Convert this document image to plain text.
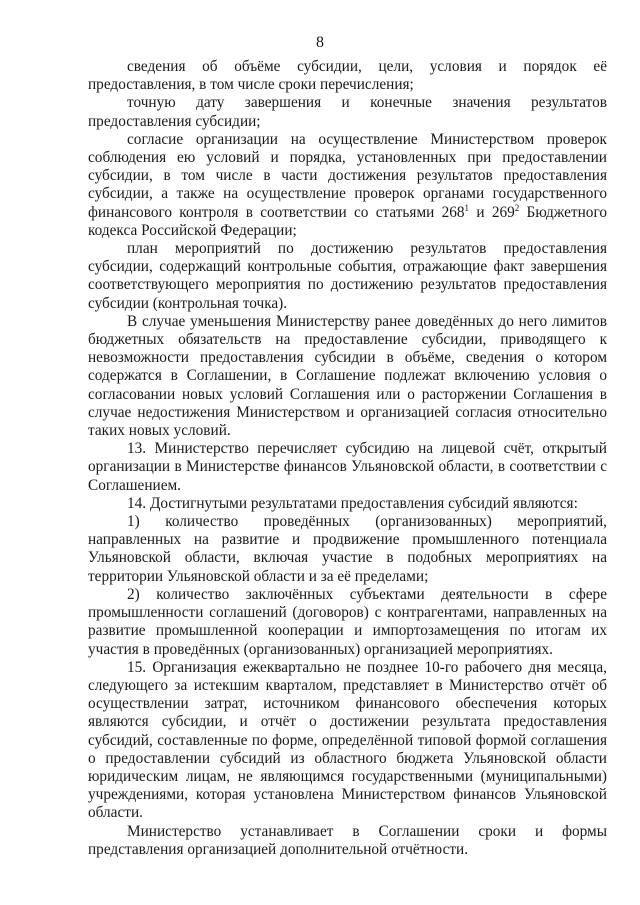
8

сведения об объёме субсидии, цели, условия и порядок её предоставления, в том числе сроки перечисления;

точную дату завершения и конечные значения результатов предоставления субсидии;

согласие организации на осуществление Министерством проверок соблюдения ею условий и порядка, установленных при предоставлении субсидии, в том числе в части достижения результатов предоставления субсидии, а также на осуществление проверок органами государственного финансового контроля в соответствии со статьями $268^1$ и $269^2$ Бюджетного кодекса Российской Федерации;

план мероприятий по достижению результатов предоставления субсидии, содержащий контрольные события, отражающие факт завершения соответствующего мероприятия по достижению результатов предоставления субсидии (контрольная точка).

В случае уменьшения Министерству ранее доведённых до него лимитов бюджетных обязательств на предоставление субсидии, приводящего к невозможности предоставления субсидии в объёме, сведения о котором содержатся в Соглашении, в Соглашение подлежат включению условия о согласовании новых условий Соглашения или о расторжении Соглашения в случае недостижения Министерством и организацией согласия относительно таких новых условий.

13. Министерство перечисляет субсидию на лицевой счёт, открытый организации в Министерстве финансов Ульяновской области, в соответствии с Соглашением.

14. Достигнутыми результатами предоставления субсидий являются:

1) количество проведённых (организованных) мероприятий, направленных на развитие и продвижение промышленного потенциала Ульяновской области, включая участие в подобных мероприятиях на территории Ульяновской области и за её пределами;

2) количество заключённых субъектами деятельности в сфере промышленности соглашений (договоров) с контрагентами, направленных на развитие промышленной кооперации и импортозамещения по итогам их участия в проведённых (организованных) организацией мероприятиях.

15. Организация ежеквартально не позднее 10-го рабочего дня месяца, следующего за истекшим кварталом, представляет в Министерство отчёт об осуществлении затрат, источником финансового обеспечения которых являются субсидии, и отчёт о достижении результата предоставления субсидий, составленные по форме, определённой типовой формой соглашения о предоставлении субсидий из областного бюджета Ульяновской области юридическим лицам, не являющимся государственными (муниципальными) учреждениями, которая установлена Министерством финансов Ульяновской области.

Министерство устанавливает в Соглашении сроки и формы представления организацией дополнительной отчётности.
